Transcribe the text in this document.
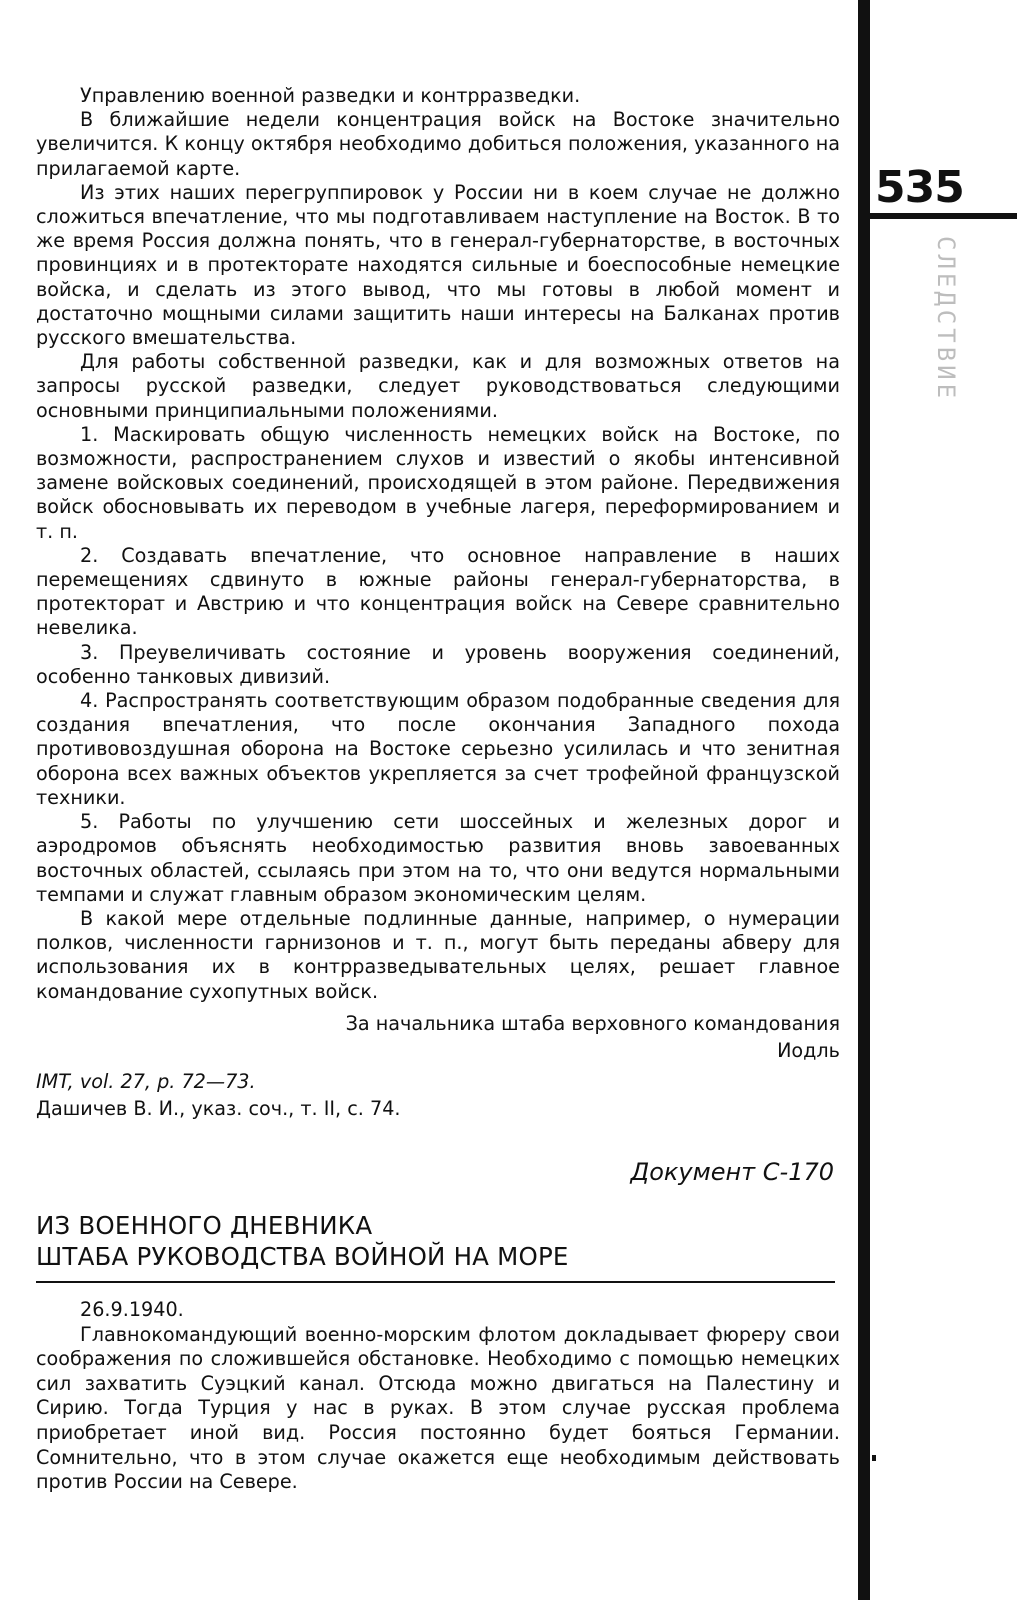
535
СЛЕДСТВИЕ

Управлению военной разведки и контрразведки.

В ближайшие недели концентрация войск на Востоке значительно увеличится. К концу октября необходимо добиться положения, указанного на прилагаемой карте.

Из этих наших перегруппировок у России ни в коем случае не должно сложиться впечатление, что мы подготавливаем наступление на Восток. В то же время Россия должна понять, что в генерал-губернаторстве, в восточных провинциях и в протекторате находятся сильные и боеспособные немецкие войска, и сделать из этого вывод, что мы готовы в любой момент и достаточно мощными силами защитить наши интересы на Балканах против русского вмешательства.

Для работы собственной разведки, как и для возможных ответов на запросы русской разведки, следует руководствоваться следующими основными принципиальными положениями.

1. Маскировать общую численность немецких войск на Востоке, по возможности, распространением слухов и известий о якобы интенсивной замене войсковых соединений, происходящей в этом районе. Передвижения войск обосновывать их переводом в учебные лагеря, переформированием и т. п.

2. Создавать впечатление, что основное направление в наших перемещениях сдвинуто в южные районы генерал-губернаторства, в протекторат и Австрию и что концентрация войск на Севере сравнительно невелика.

3. Преувеличивать состояние и уровень вооружения соединений, особенно танковых дивизий.

4. Распространять соответствующим образом подобранные сведения для создания впечатления, что после окончания Западного похода противовоздушная оборона на Востоке серьезно усилилась и что зенитная оборона всех важных объектов укрепляется за счет трофейной французской техники.

5. Работы по улучшению сети шоссейных и железных дорог и аэродромов объяснять необходимостью развития вновь завоеванных восточных областей, ссылаясь при этом на то, что они ведутся нормальными темпами и служат главным образом экономическим целям.

В какой мере отдельные подлинные данные, например, о нумерации полков, численности гарнизонов и т. п., могут быть переданы абверу для использования их в контрразведывательных целях, решает главное командование сухопутных войск.

За начальника штаба верховного командования
Иодль
IMT, vol. 27, p. 72—73.
Дашичев В. И., указ. соч., т. II, с. 74.
Документ С-170
ИЗ ВОЕННОГО ДНЕВНИКА
ШТАБА РУКОВОДСТВА ВОЙНОЙ НА МОРЕ

26.9.1940.

Главнокомандующий военно-морским флотом докладывает фюреру свои соображения по сложившейся обстановке. Необходимо с помощью немецких сил захватить Суэцкий канал. Отсюда можно двигаться на Палестину и Сирию. Тогда Турция у нас в руках. В этом случае русская проблема приобретает иной вид. Россия постоянно будет бояться Германии. Сомнительно, что в этом случае окажется еще необходимым действовать против России на Севере.
